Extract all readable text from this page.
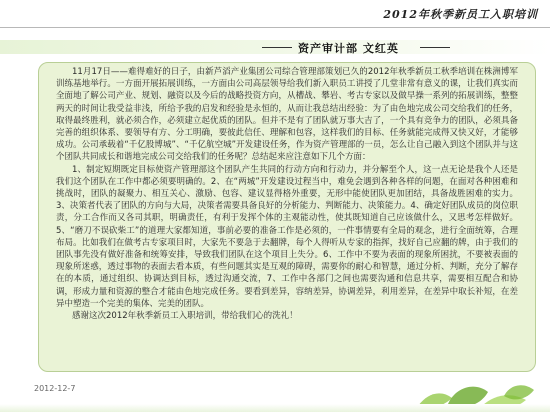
2012年秋季新员工入职培训
资产审计部 文红英

11月17日——难得难好的日子，由新芦滔产业集团公司综合管理部策划已久的2012年秋季新员工秋季培训在株洲博军训练基地举行。一方面开展拓展训练，一方面由公司高层领导给我们新入职员工讲授了几堂非常有意义的课，让我们真实而全面地了解公司产业、规划、融资以及今后的战略投资方向，从槽战、攀岩、考古专家以及做早操一系列的拓展训练，整整两天的时间让我受益非浅，所给予我的启发和经验是永恒的，从而让我总结出经验：为了由色地完成公司交给我们的任务，取得最终胜利，就必须合作，必须建立起优质的团队。但并不是有了团队就万事大吉了，一个具有竞争力的团队，必须具备完善的组织体系、要领导有方、分工明确，要彼此信任、理解和包容，这样我们的目标、任务就能完成得又快又好，才能够成功。公司承载着“千亿股博城”、“千亿航空城”开发建设任务，作为资产管理部的一员，怎么让自己融入到这个团队并与这个团队共同成长和谐地完成公司交给我们的任务呢？总结起来应注意如下几个方面：

1、制定短期既定目标使资产管理部这个团队产生共同的行动方向和行动力，并分解至个人，这一点无论是我个人还是我们这个团队在工作中都必须要明确的。2、在“两城”开发建设过程当中，难免会遇到各种各样的问题，在面对各种困难和挑战时，团队的凝聚力、相互关心、激励、包容、建议显得格外重要，无形中能使团队更加团结，具备战胜困难的实力。3、决策者代表了团队的方向与大局，决策者需要具备良好的分析能力、判断能力、决策能力。4、确定好团队成员的岗位职责，分工合作而又各司其职，明确责任，有利于发挥个体的主观能动性，使其既知道自己应该做什么，又思考怎样做好。5、“磨刀不误砍柴工”的道理大家都知道，事前必要的准备工作是必须的，一件事情要有全局的观念，进行全面统筹，合理布局。比如我们在做考古专家项目时，大家先不要急于去翻牌，每个人得听从专家的指挥，找好自己应翻的牌，由于我们的团队事先没有做好准备和统筹安排，导致我们团队在这个项目上失分。6、工作中不要为表面的现象所困扰，不要被表面的现象所迷惑，透过事物的表面去看本质，有些问题其实是互观的障碍，需要你的耐心和智慧，通过分析、判断，充分了解存在的本质，通过组织、协调达到目标，透过沟通交流，7、工作中各部门之间也需要沟通和信息共享，需要相互配合和协调，形成力量和资源的整合才能由色地完成任务。要看到差异，容纳差异，协调差异，利用差异，在差异中取长补短，在差异中塑造一个完美的集体、完美的团队。

感谢这次2012年秋季新员工入职培训，带给我们心的洗礼！

2012-12-7
